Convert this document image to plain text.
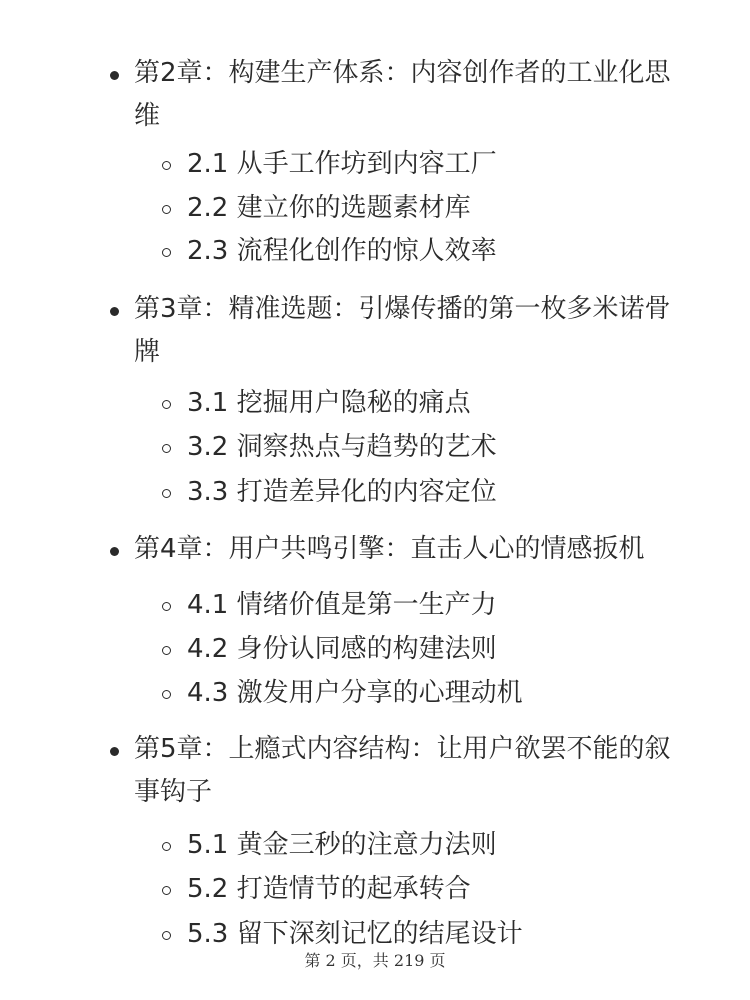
第2章：构建生产体系：内容创作者的工业化思维

2.1 从手工作坊到内容工厂

2.2 建立你的选题素材库

2.3 流程化创作的惊人效率

第3章：精准选题：引爆传播的第一枚多米诺骨牌

3.1 挖掘用户隐秘的痛点

3.2 洞察热点与趋势的艺术

3.3 打造差异化的内容定位

第4章：用户共鸣引擎：直击人心的情感扳机

4.1 情绪价值是第一生产力

4.2 身份认同感的构建法则

4.3 激发用户分享的心理动机

第5章：上瘾式内容结构：让用户欲罢不能的叙事钩子

5.1 黄金三秒的注意力法则

5.2 打造情节的起承转合

5.3 留下深刻记忆的结尾设计

第 2 页，共 219 页
